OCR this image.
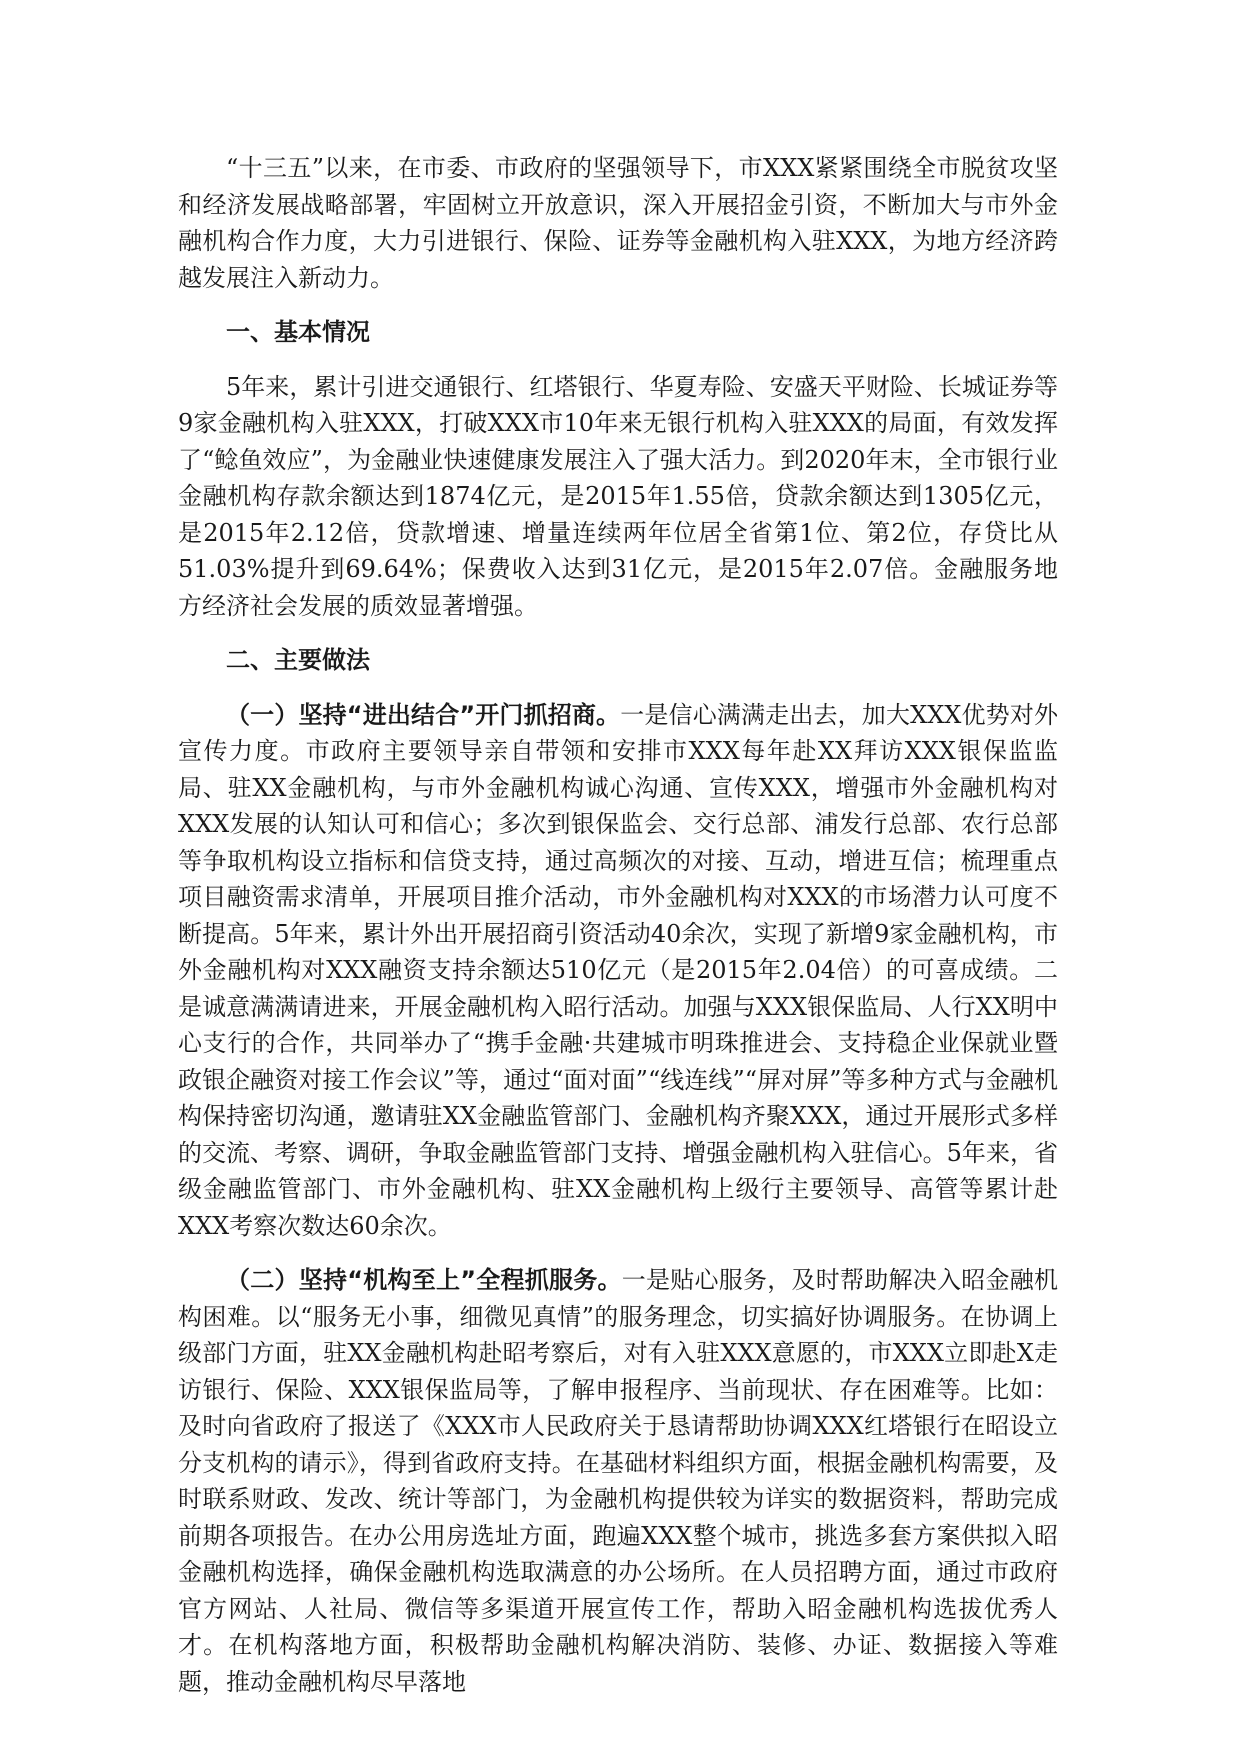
“十三五”以来，在市委、市政府的坚强领导下，市XXX紧紧围绕全市脱贫攻坚和经济发展战略部署，牢固树立开放意识，深入开展招金引资，不断加大与市外金融机构合作力度，大力引进银行、保险、证券等金融机构入驻XXX，为地方经济跨越发展注入新动力。

一、基本情况

5年来，累计引进交通银行、红塔银行、华夏寿险、安盛天平财险、长城证券等9家金融机构入驻XXX，打破XXX市10年来无银行机构入驻XXX的局面，有效发挥了“鲶鱼效应”，为金融业快速健康发展注入了强大活力。到2020年末，全市银行业金融机构存款余额达到1874亿元，是2015年1.55倍，贷款余额达到1305亿元，是2015年2.12倍，贷款增速、增量连续两年位居全省第1位、第2位，存贷比从51.03%提升到69.64%；保费收入达到31亿元，是2015年2.07倍。金融服务地方经济社会发展的质效显著增强。

二、主要做法

（一）坚持“进出结合”开门抓招商。一是信心满满走出去，加大XXX优势对外宣传力度。市政府主要领导亲自带领和安排市XXX每年赴XX拜访XXX银保监监局、驻XX金融机构，与市外金融机构诚心沟通、宣传XXX，增强市外金融机构对XXX发展的认知认可和信心；多次到银保监会、交行总部、浦发行总部、农行总部等争取机构设立指标和信贷支持，通过高频次的对接、互动，增进互信；梳理重点项目融资需求清单，开展项目推介活动，市外金融机构对XXX的市场潜力认可度不断提高。5年来，累计外出开展招商引资活动40余次，实现了新增9家金融机构，市外金融机构对XXX融资支持余额达510亿元（是2015年2.04倍）的可喜成绩。二是诚意满满请进来，开展金融机构入昭行活动。加强与XXX银保监局、人行XX明中心支行的合作，共同举办了“携手金融·共建城市明珠推进会、支持稳企业保就业暨政银企融资对接工作会议”等，通过“面对面”“线连线”“屏对屏”等多种方式与金融机构保持密切沟通，邀请驻XX金融监管部门、金融机构齐聚XXX，通过开展形式多样的交流、考察、调研，争取金融监管部门支持、增强金融机构入驻信心。5年来，省级金融监管部门、市外金融机构、驻XX金融机构上级行主要领导、高管等累计赴XXX考察次数达60余次。

（二）坚持“机构至上”全程抓服务。一是贴心服务，及时帮助解决入昭金融机构困难。以“服务无小事，细微见真情”的服务理念，切实搞好协调服务。在协调上级部门方面，驻XX金融机构赴昭考察后，对有入驻XXX意愿的，市XXX立即赴X走访银行、保险、XXX银保监局等，了解申报程序、当前现状、存在困难等。比如：及时向省政府了报送了《XXX市人民政府关于恳请帮助协调XXX红塔银行在昭设立分支机构的请示》，得到省政府支持。在基础材料组织方面，根据金融机构需要，及时联系财政、发改、统计等部门，为金融机构提供较为详实的数据资料，帮助完成前期各项报告。在办公用房选址方面，跑遍XXX整个城市，挑选多套方案供拟入昭金融机构选择，确保金融机构选取满意的办公场所。在人员招聘方面，通过市政府官方网站、人社局、微信等多渠道开展宣传工作，帮助入昭金融机构选拔优秀人才。在机构落地方面，积极帮助金融机构解决消防、装修、办证、数据接入等难题，推动金融机构尽早落地
